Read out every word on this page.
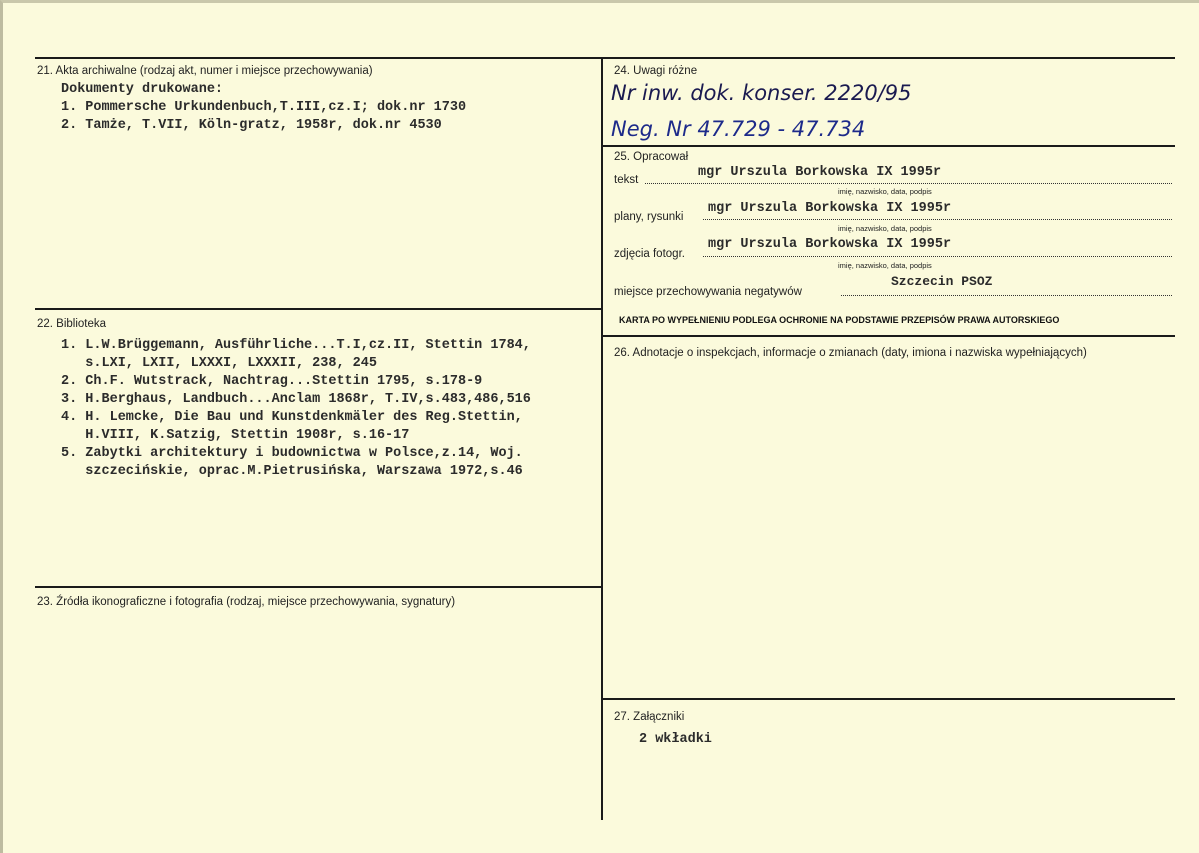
21. Akta archiwalne (rodzaj akt, numer i miejsce przechowywania)
Dokumenty drukowane:
1. Pommersche Urkundenbuch,T.III,cz.I; dok.nr 1730
2. Tamże, T.VII, Köln-gratz, 1958r, dok.nr 4530
22. Biblioteka
1. L.W.Brüggemann, Ausführliche...T.I,cz.II, Stettin 1784,
s.LXI, LXII, LXXXI, LXXXII, 238, 245
2. Ch.F. Wutstrack, Nachtrag...Stettin 1795, s.178-9
3. H.Berghaus, Landbuch...Anclam 1868r, T.IV,s.483,486,516
4. H. Lemcke, Die Bau und Kunstdenkmäler des Reg.Stettin,
H.VIII, K.Satzig, Stettin 1908r, s.16-17
5. Zabytki architektury i budownictwa w Polsce,z.14, Woj.
szczecińskie, oprac.M.Pietrusińska, Warszawa 1972,s.46
23. Źródła ikonograficzne i fotografia (rodzaj, miejsce przechowywania, sygnatury)
24. Uwagi różne
Nr inw. dok. konser. 2220/95
Neg. Nr 47.729 - 47.734
25. Opracował
tekst	mgr Urszula Borkowska IX 1995r
imię, nazwisko, data, podpis
plany, rysunki
mgr Urszula Borkowska IX 1995r
imię, nazwisko, data, podpis
zdjęcia fotogr.
mgr Urszula Borkowska IX 1995r
imię, nazwisko, data, podpis
miejsce przechowywania negatywów
Szczecin PSOZ
KARTA PO WYPEŁNIENIU PODLEGA OCHRONIE NA PODSTAWIE PRZEPISÓW PRAWA AUTORSKIEGO
26. Adnotacje o inspekcjach, informacje o zmianach (daty, imiona i nazwiska wypełniających)
27. Załączniki
2 wkładki
